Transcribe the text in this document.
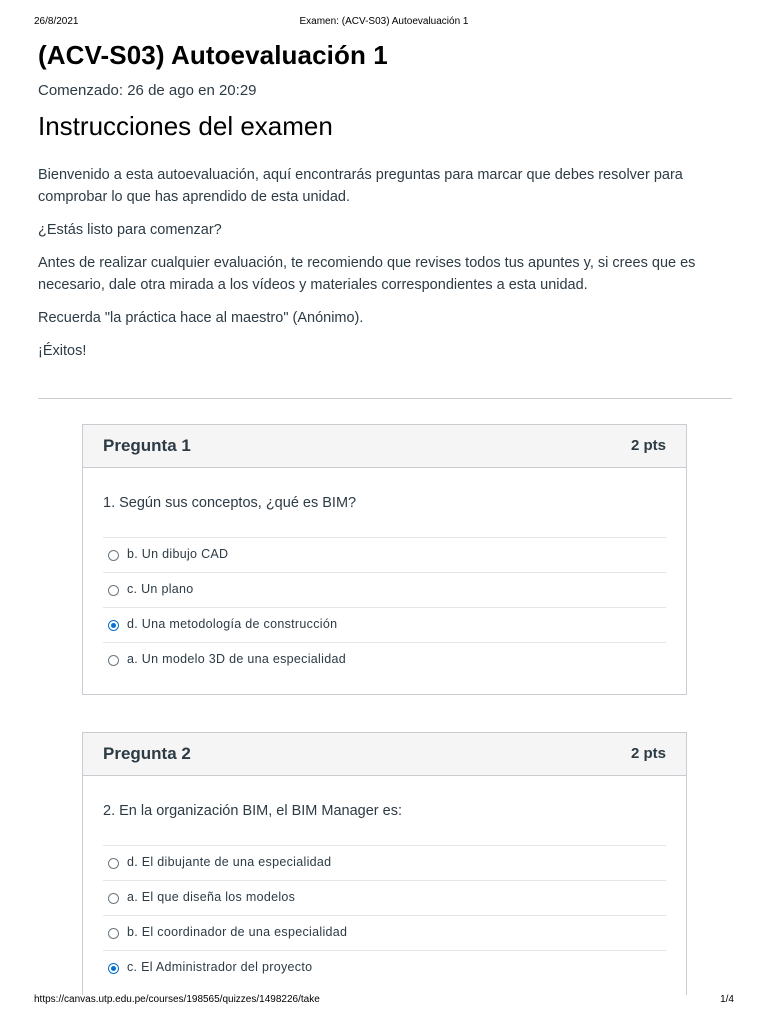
26/8/2021	Examen: (ACV-S03) Autoevaluación 1
(ACV-S03) Autoevaluación 1
Comenzado: 26 de ago en 20:29
Instrucciones del examen

Bienvenido a esta autoevaluación, aquí encontrarás preguntas para marcar que debes resolver para comprobar lo que has aprendido de esta unidad.

¿Estás listo para comenzar?

Antes de realizar cualquier evaluación, te recomiendo que revises todos tus apuntes y, si crees que es necesario, dale otra mirada a los vídeos y materiales correspondientes a esta unidad.

Recuerda "la práctica hace al maestro" (Anónimo).

¡Éxitos!

Pregunta 1	2 pts
1. Según sus conceptos, ¿qué es BIM?
b. Un dibujo CAD
c. Un plano
d. Una metodología de construcción
a. Un modelo 3D de una especialidad
Pregunta 2	2 pts
2. En la organización BIM, el BIM Manager es:
d. El dibujante de una especialidad
a. El que diseña los modelos
b. El coordinador de una especialidad
c. El Administrador del proyecto
https://canvas.utp.edu.pe/courses/198565/quizzes/1498226/take	1/4
